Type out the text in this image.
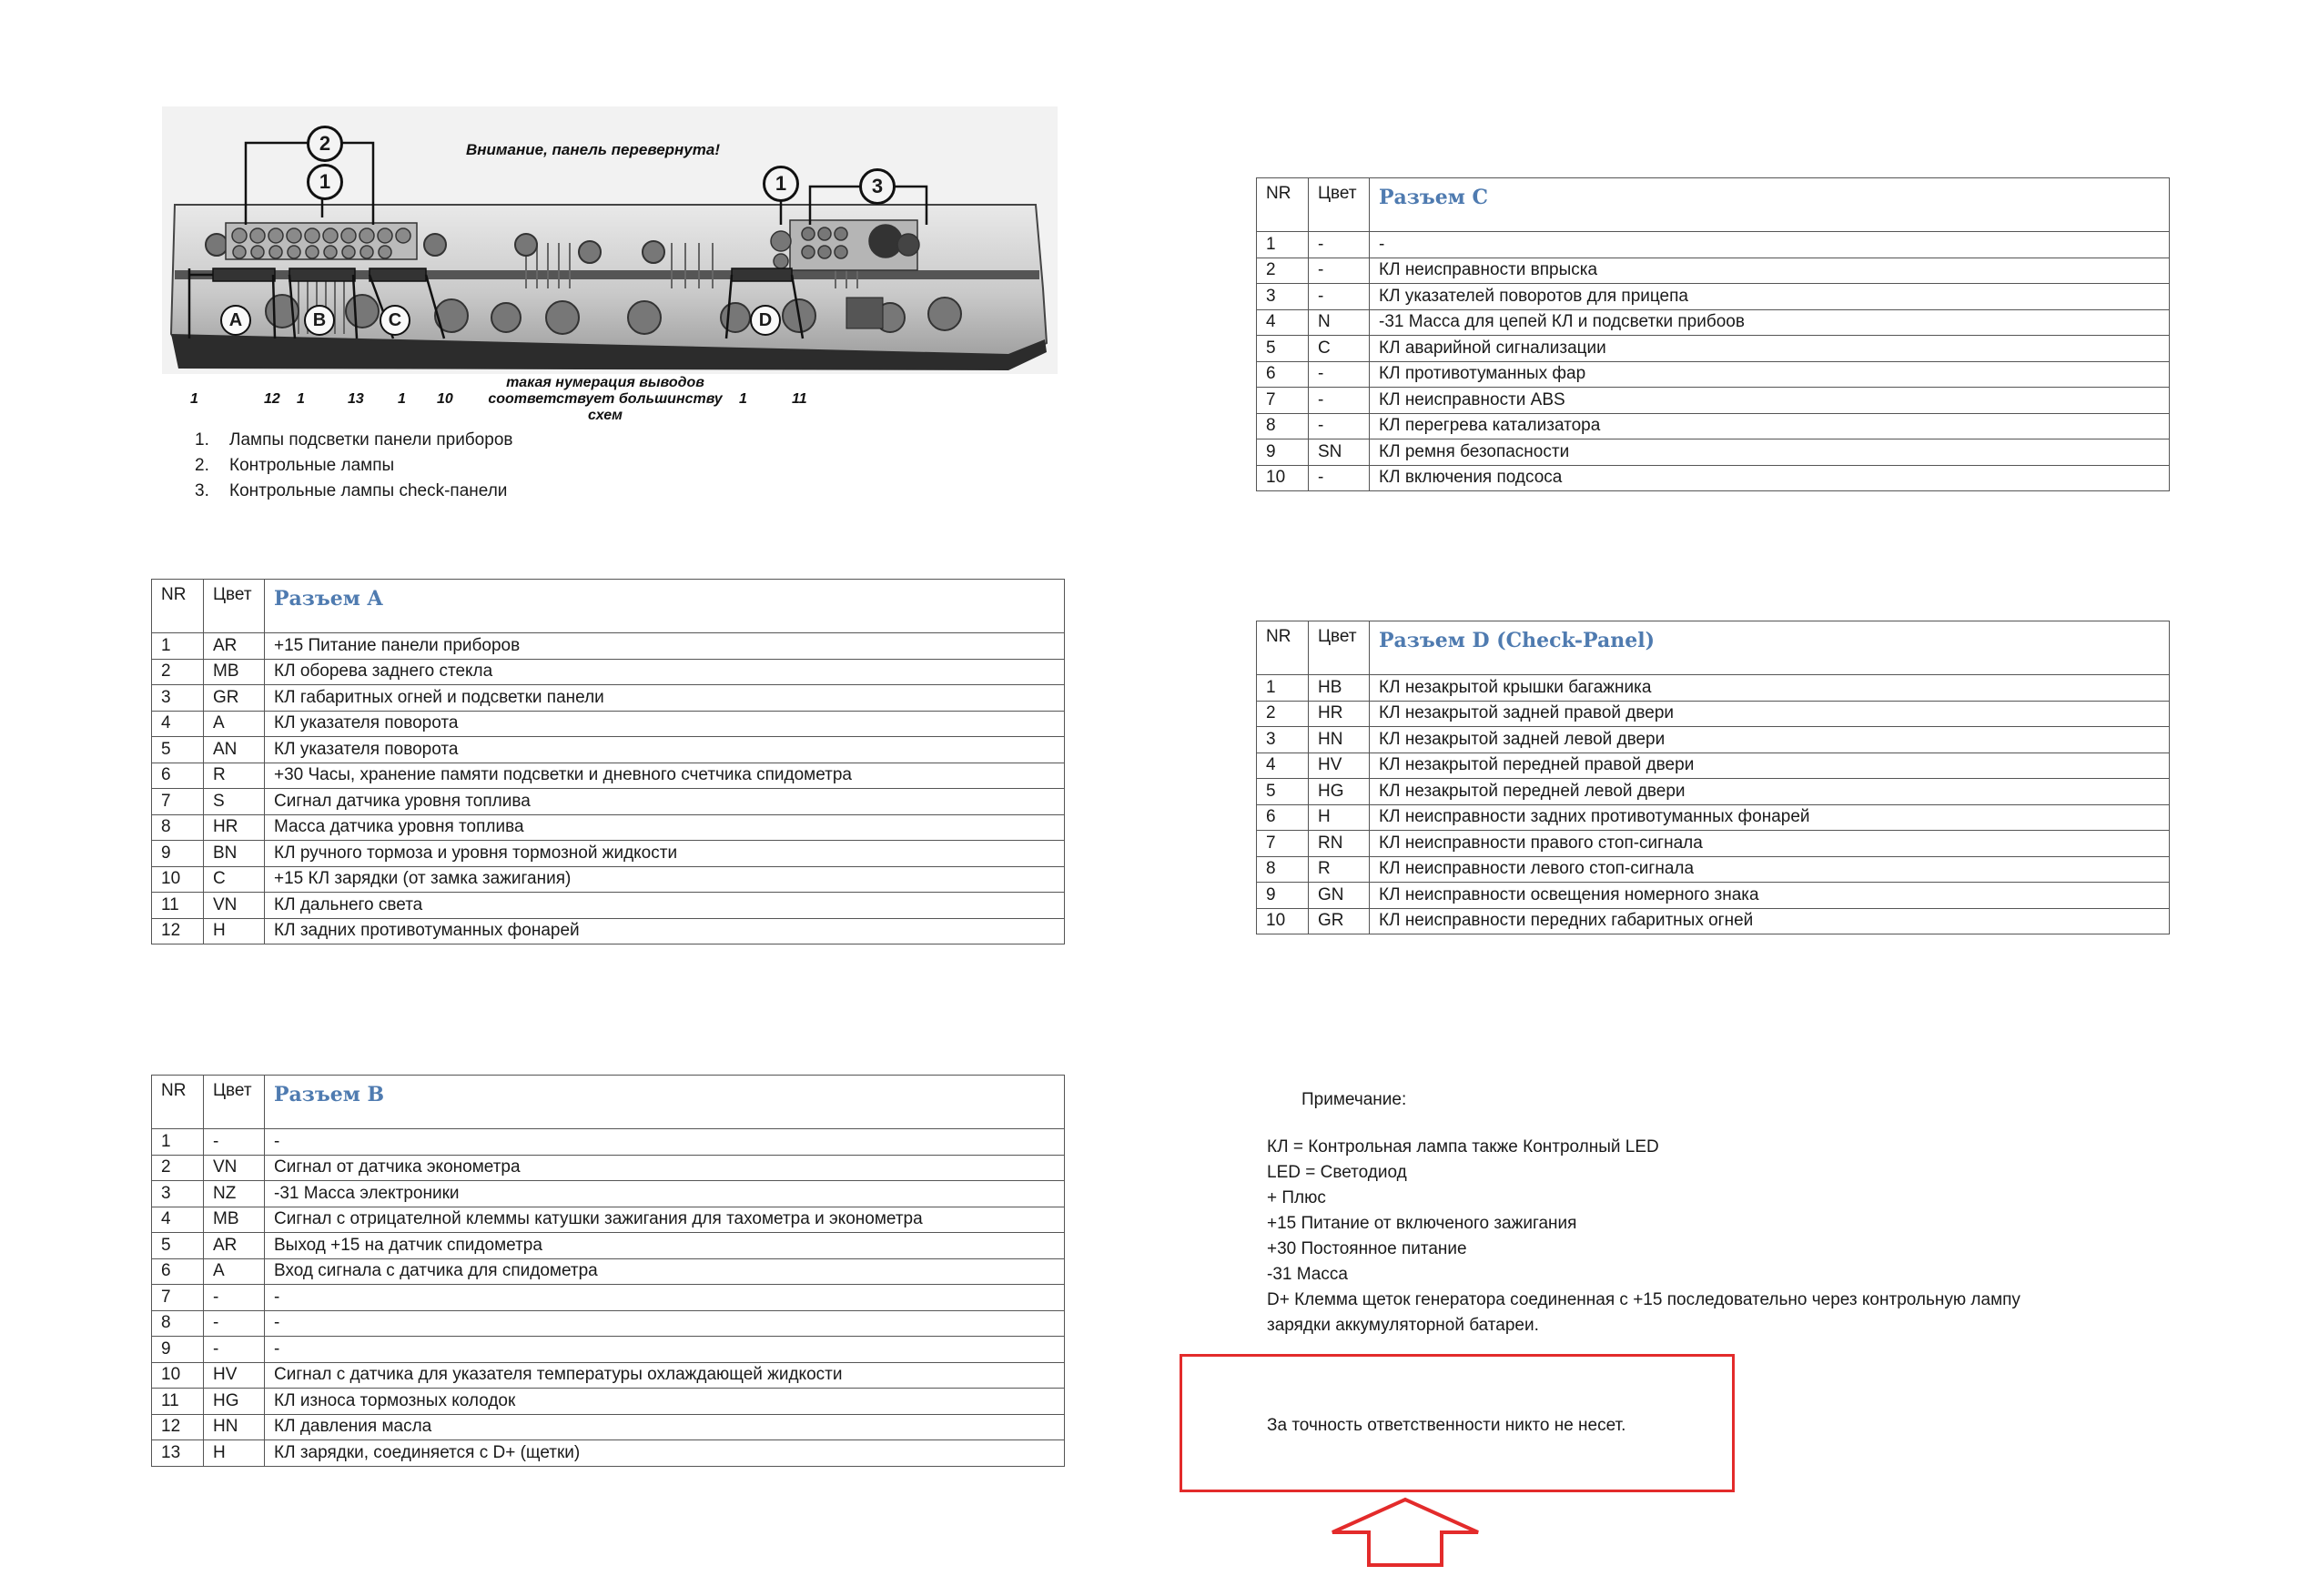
Внимание, панель перевернута!
2
1	1	3
A	B	C	D
1	12 1	13 1 10	1	11
такая нумерация выводов
соответствует большинству
схем
1. Лампы подсветки панели приборов
2. Контрольные лампы
3. Контрольные лампы check-панели
NR	Цвет	Разъем A

1	AR	+15 Питание панели приборов
2	MB	КЛ оборева заднего стекла
3	GR	КЛ габаритных огней и подсветки панели
4	A	КЛ указателя поворота
5	AN	КЛ указателя поворота
6	R	+30 Часы, хранение памяти подсветки и дневного счетчика спидометра
7	S	Сигнал датчика уровня топлива
8	HR	Масса датчика уровня топлива
9	BN	КЛ ручного тормоза и уровня тормозной жидкости
10	C	+15 КЛ зарядки (от замка зажигания)
11	VN	КЛ дальнего света
12	H	КЛ задних противотуманных фонарей
NR	Цвет	Разъем B

1	-	-
2	VN	Сигнал от датчика эконометра
3	NZ	-31 Масса электроники
4	MB	Сигнал с отрицателной клеммы катушки зажигания для тахометра и эконометра
5	AR	Выход +15 на датчик спидометра
6	A	Вход сигнала с датчика для спидометра
7	-	-
8	-	-
9	-	-
10	HV	Сигнал с датчика для указателя температуры охлаждающей жидкости
11	HG	КЛ износа тормозных колодок
12	HN	КЛ давления масла
13	H	КЛ зарядки, соединяется с D+ (щетки)
NR	Цвет	Разъем C

1	-	-
2	-	КЛ неисправности впрыска
3	-	КЛ указателей поворотов для прицепа
4	N	-31 Масса для цепей КЛ и подсветки прибоов
5	C	КЛ аварийной сигнализации
6	-	КЛ противотуманных фар
7	-	КЛ неисправности ABS
8	-	КЛ перегрева катализатора
9	SN	КЛ ремня безопасности
10	-	КЛ включения подсоса
NR	Цвет	Разъем D (Check-Panel)

1	HB	КЛ незакрытой крышки багажника
2	HR	КЛ незакрытой задней правой двери
3	HN	КЛ незакрытой задней левой двери
4	HV	КЛ незакрытой передней правой двери
5	HG	КЛ незакрытой передней левой двери
6	H	КЛ неисправности задних противотуманных фонарей
7	RN	КЛ неисправности правого стоп-сигнала
8	R	КЛ неисправности левого стоп-сигнала
9	GN	КЛ неисправности освещения номерного знака
10	GR	КЛ неисправности передних габаритных огней
Примечание:
КЛ = Контрольная лампа также Контролный LED
LED = Светодиод
+ Плюс
+15 Питание от включеного зажигания
+30 Постоянное питание
-31 Масса
D+ Клемма щеток генератора соединенная с +15 последовательно через контрольную лампу
зарядки аккумуляторной батареи.
За точность ответственности никто не несет.
